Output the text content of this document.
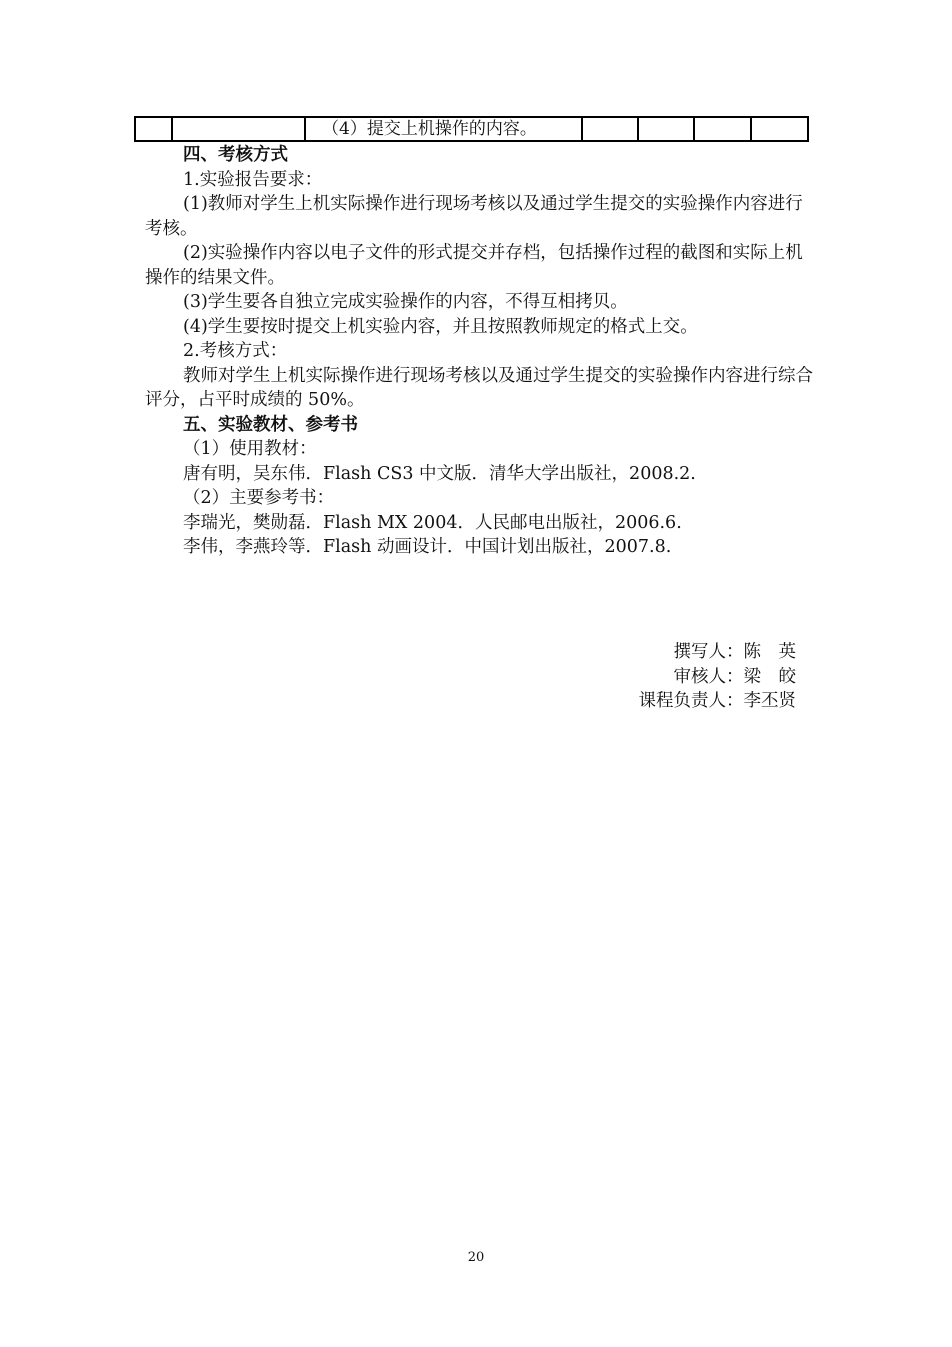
		（4）提交上机操作的内容。				

四、考核方式

1.实验报告要求：

(1)教师对学生上机实际操作进行现场考核以及通过学生提交的实验操作内容进行考核。

(2)实验操作内容以电子文件的形式提交并存档，包括操作过程的截图和实际上机操作的结果文件。

(3)学生要各自独立完成实验操作的内容，不得互相拷贝。

(4)学生要按时提交上机实验内容，并且按照教师规定的格式上交。

2.考核方式：

教师对学生上机实际操作进行现场考核以及通过学生提交的实验操作内容进行综合评分，占平时成绩的 50%。

五、实验教材、参考书

（1）使用教材：

唐有明，吴东伟．Flash CS3 中文版．清华大学出版社，2008.2.

（2）主要参考书：

李瑞光，樊勋磊．Flash MX 2004．人民邮电出版社，2006.6.

李伟，李燕玲等．Flash 动画设计．中国计划出版社，2007.8.

撰写人：陈　英

审核人：梁　皎

课程负责人：李丕贤

20
